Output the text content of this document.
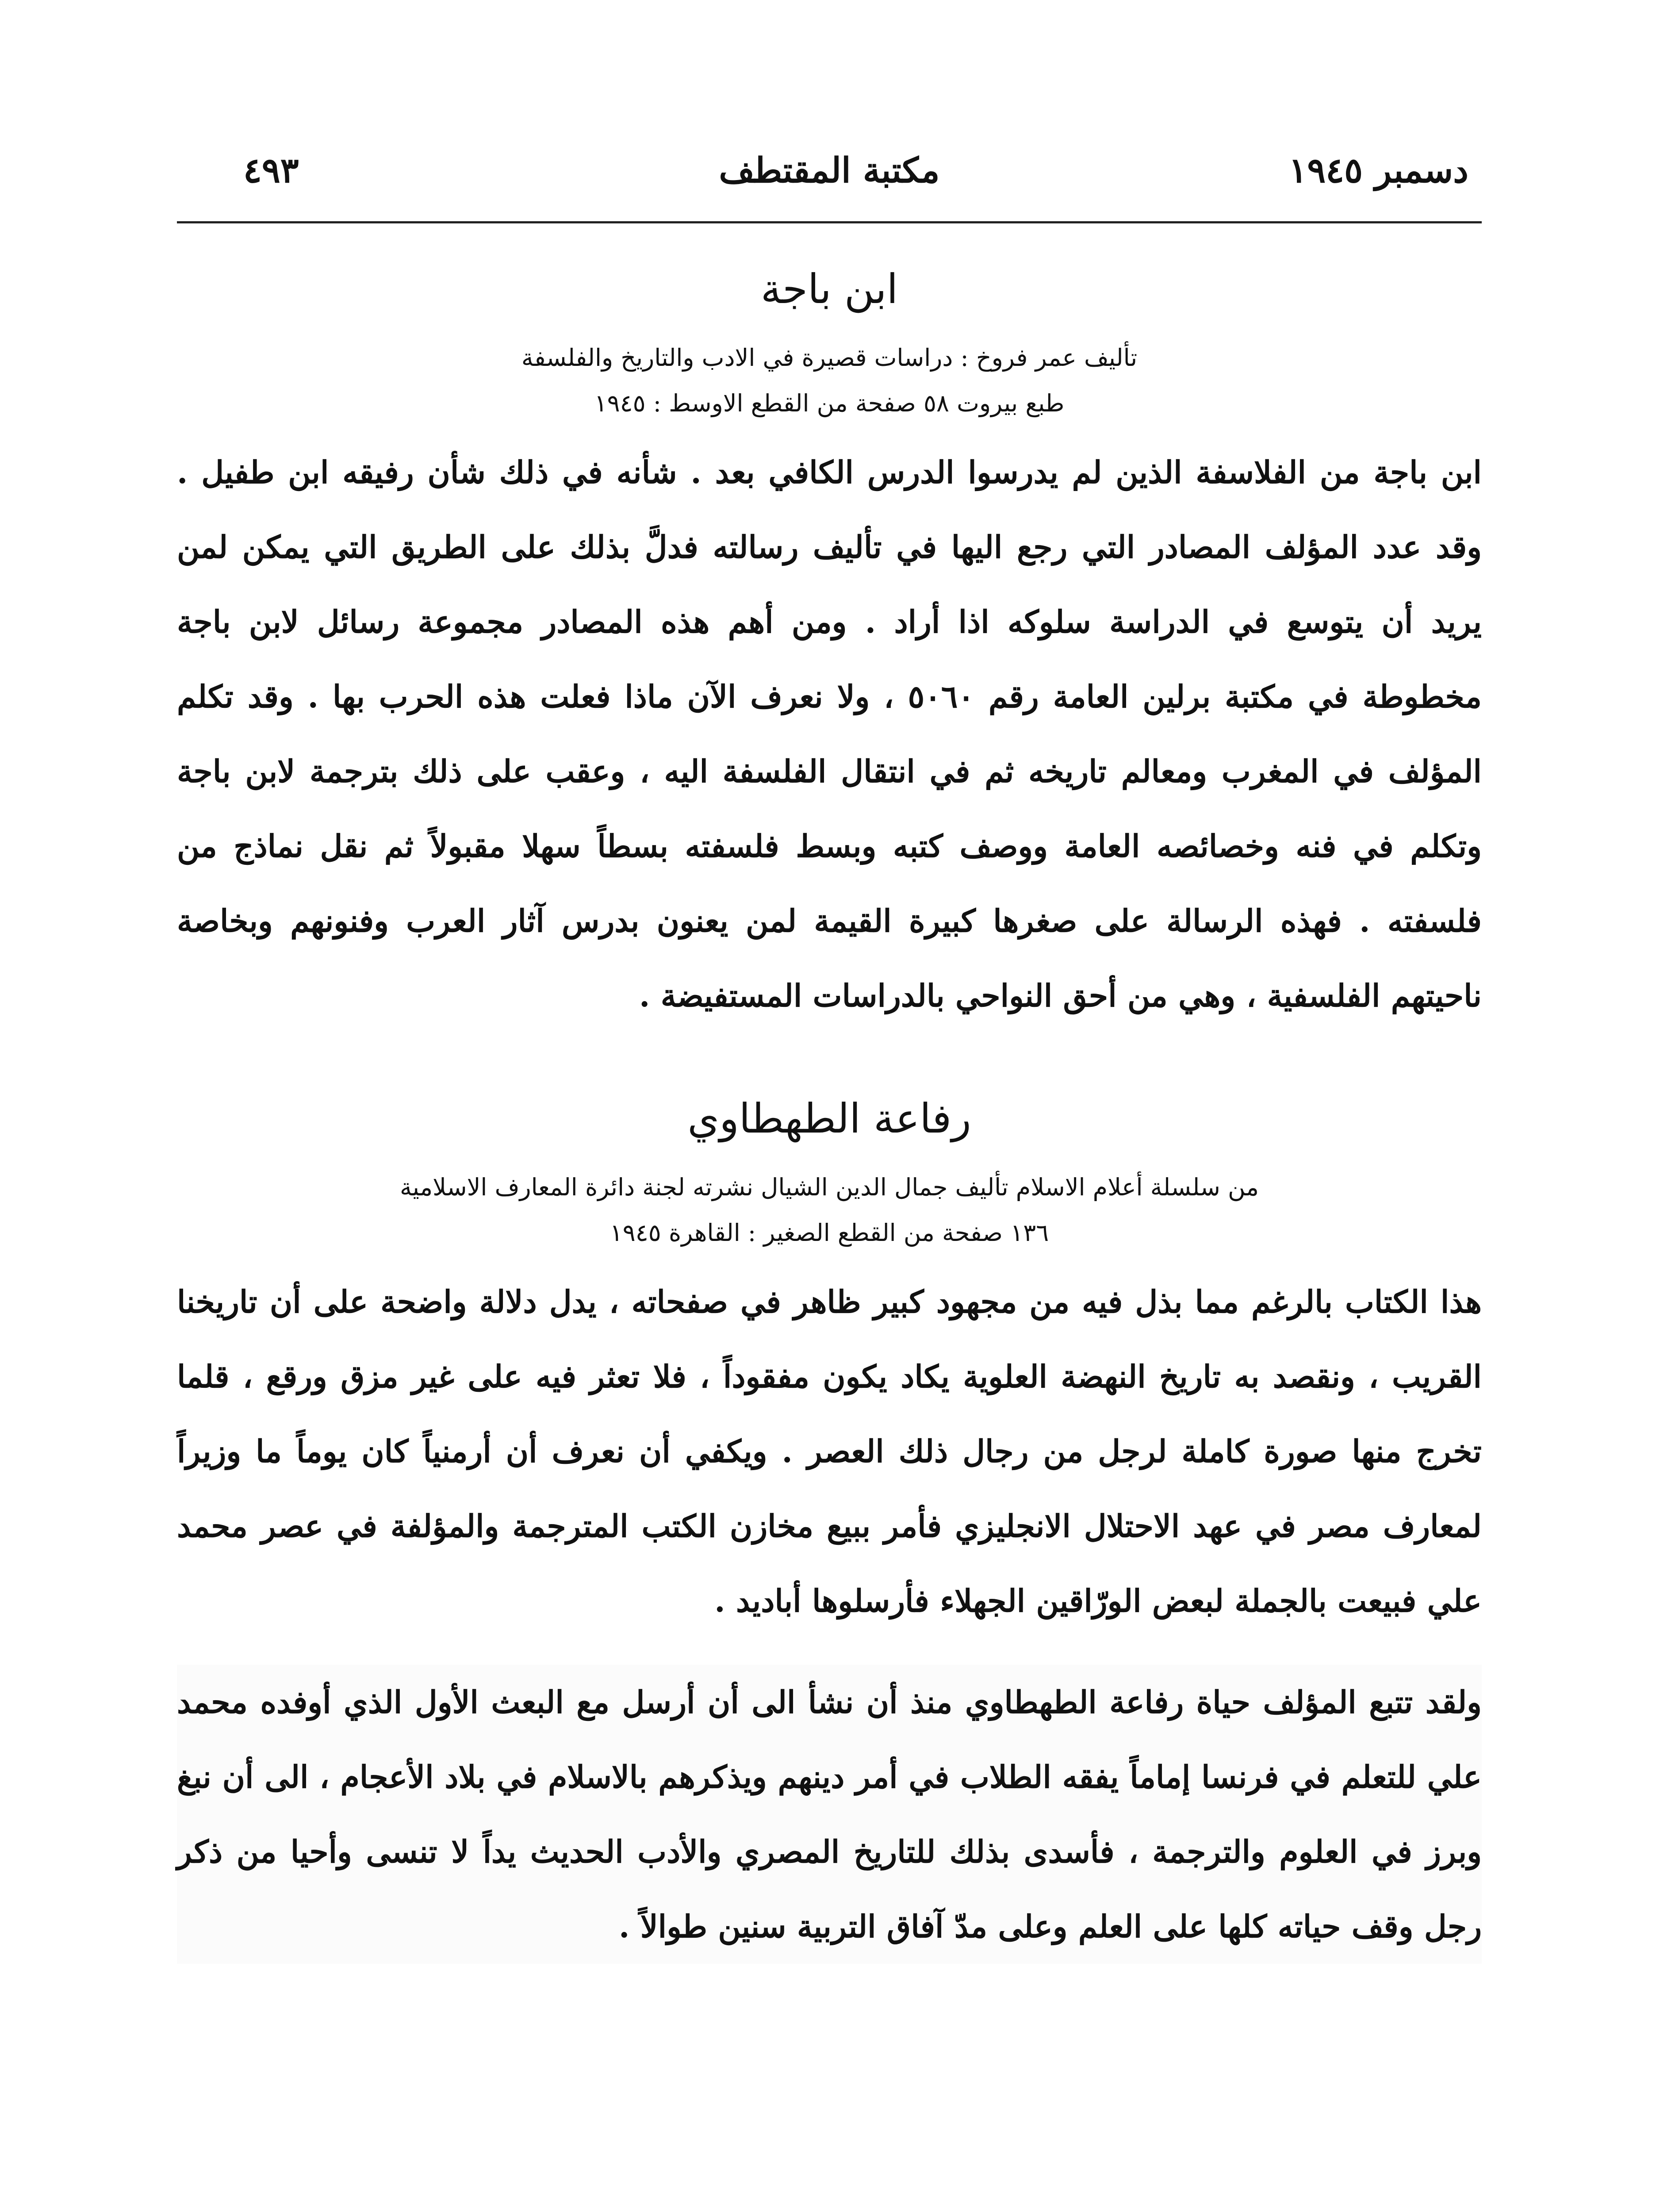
دسمبر ١٩٤٥
مكتبة المقتطف
٤٩٣
ابن باجة
تأليف عمر فروخ : دراسات قصيرة في الادب والتاريخ والفلسفة
طبع بيروت ٥٨ صفحة من القطع الاوسط : ١٩٤٥

ابن باجة من الفلاسفة الذين لم يدرسوا الدرس الكافي بعد . شأنه في ذلك شأن رفيقه ابن طفيل . وقد عدد المؤلف المصادر التي رجع اليها في تأليف رسالته فدلَّ بذلك على الطريق التي يمكن لمن يريد أن يتوسع في الدراسة سلوكه اذا أراد . ومن أهم هذه المصادر مجموعة رسائل لابن باجة مخطوطة في مكتبة برلين العامة رقم ٥٠٦٠ ، ولا نعرف الآن ماذا فعلت هذه الحرب بها . وقد تكلم المؤلف في المغرب ومعالم تاريخه ثم في انتقال الفلسفة اليه ، وعقب على ذلك بترجمة لابن باجة وتكلم في فنه وخصائصه العامة ووصف كتبه وبسط فلسفته بسطاً سهلا مقبولاً ثم نقل نماذج من فلسفته . فهذه الرسالة على صغرها كبيرة القيمة لمن يعنون بدرس آثار العرب وفنونهم وبخاصة ناحيتهم الفلسفية ، وهي من أحق النواحي بالدراسات المستفيضة .

رفاعة الطهطاوي
من سلسلة أعلام الاسلام تأليف جمال الدين الشيال نشرته لجنة دائرة المعارف الاسلامية
١٣٦ صفحة من القطع الصغير : القاهرة ١٩٤٥

هذا الكتاب بالرغم مما بذل فيه من مجهود كبير ظاهر في صفحاته ، يدل دلالة واضحة على أن تاريخنا القريب ، ونقصد به تاريخ النهضة العلوية يكاد يكون مفقوداً ، فلا تعثر فيه على غير مزق ورقع ، قلما تخرج منها صورة كاملة لرجل من رجال ذلك العصر . ويكفي أن نعرف أن أرمنياً كان يوماً ما وزيراً لمعارف مصر في عهد الاحتلال الانجليزي فأمر ببيع مخازن الكتب المترجمة والمؤلفة في عصر محمد علي فبيعت بالجملة لبعض الورّاقين الجهلاء فأرسلوها أباديد .

ولقد تتبع المؤلف حياة رفاعة الطهطاوي منذ أن نشأ الى أن أرسل مع البعث الأول الذي أوفده محمد علي للتعلم في فرنسا إماماً يفقه الطلاب في أمر دينهم ويذكرهم بالاسلام في بلاد الأعجام ، الى أن نبغ وبرز في العلوم والترجمة ، فأسدى بذلك للتاريخ المصري والأدب الحديث يداً لا تنسى وأحيا من ذكر رجل وقف حياته كلها على العلم وعلى مدّ آفاق التربية سنين طوالاً .
